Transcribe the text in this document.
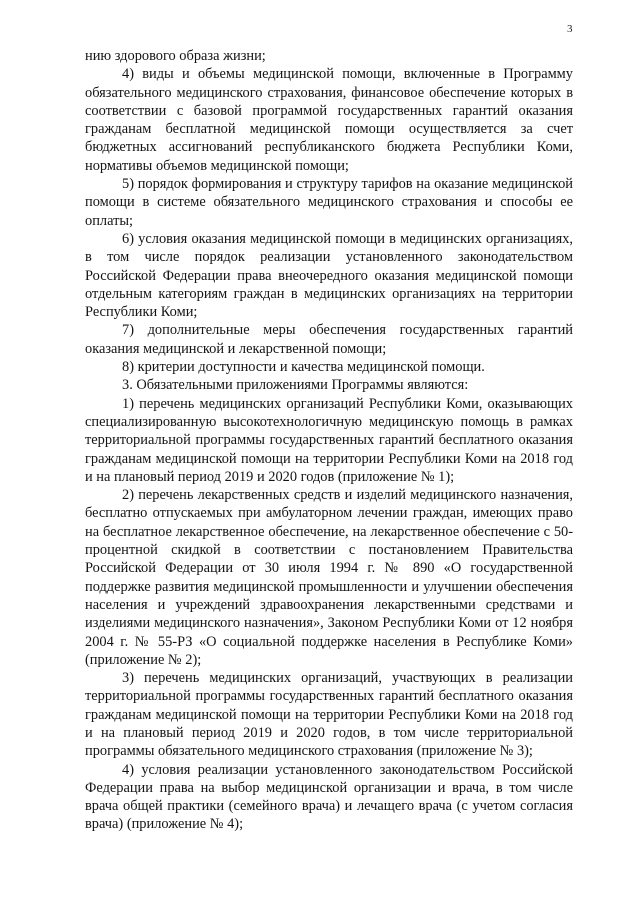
3

нию здорового образа жизни;

4) виды и объемы медицинской помощи, включенные в Программу обязательного медицинского страхования, финансовое обеспечение которых в соответствии с базовой программой государственных гарантий оказания гражданам бесплатной медицинской помощи осуществляется за счет бюджетных ассигнований республиканского бюджета Республики Коми, нормативы объемов медицинской помощи;

5) порядок формирования и структуру тарифов на оказание медицинской помощи в системе обязательного медицинского страхования и способы ее оплаты;

6) условия оказания медицинской помощи в медицинских организациях, в том числе порядок реализации установленного законодательством Российской Федерации права внеочередного оказания медицинской помощи отдельным категориям граждан в медицинских организациях на территории Республики Коми;

7) дополнительные меры обеспечения государственных гарантий оказания медицинской и лекарственной помощи;

8) критерии доступности и качества медицинской помощи.

3. Обязательными приложениями Программы являются:

1) перечень медицинских организаций Республики Коми, оказывающих специализированную высокотехнологичную медицинскую помощь в рамках территориальной программы государственных гарантий бесплатного оказания гражданам медицинской помощи на территории Республики Коми на 2018 год и на плановый период 2019 и 2020 годов (приложение № 1);

2) перечень лекарственных средств и изделий медицинского назначения, бесплатно отпускаемых при амбулаторном лечении граждан, имеющих право на бесплатное лекарственное обеспечение, на лекарственное обеспечение с 50-процентной скидкой в соответствии с постановлением Правительства Российской Федерации от 30 июля 1994 г. № 890 «О государственной поддержке развития медицинской промышленности и улучшении обеспечения населения и учреждений здравоохранения лекарственными средствами и изделиями медицинского назначения», Законом Республики Коми от 12 ноября 2004 г. № 55-РЗ «О социальной поддержке населения в Республике Коми» (приложение № 2);

3) перечень медицинских организаций, участвующих в реализации территориальной программы государственных гарантий бесплатного оказания гражданам медицинской помощи на территории Республики Коми на 2018 год и на плановый период 2019 и 2020 годов, в том числе территориальной программы обязательного медицинского страхования (приложение № 3);

4) условия реализации установленного законодательством Российской Федерации права на выбор медицинской организации и врача, в том числе врача общей практики (семейного врача) и лечащего врача (с учетом согласия врача) (приложение № 4);
